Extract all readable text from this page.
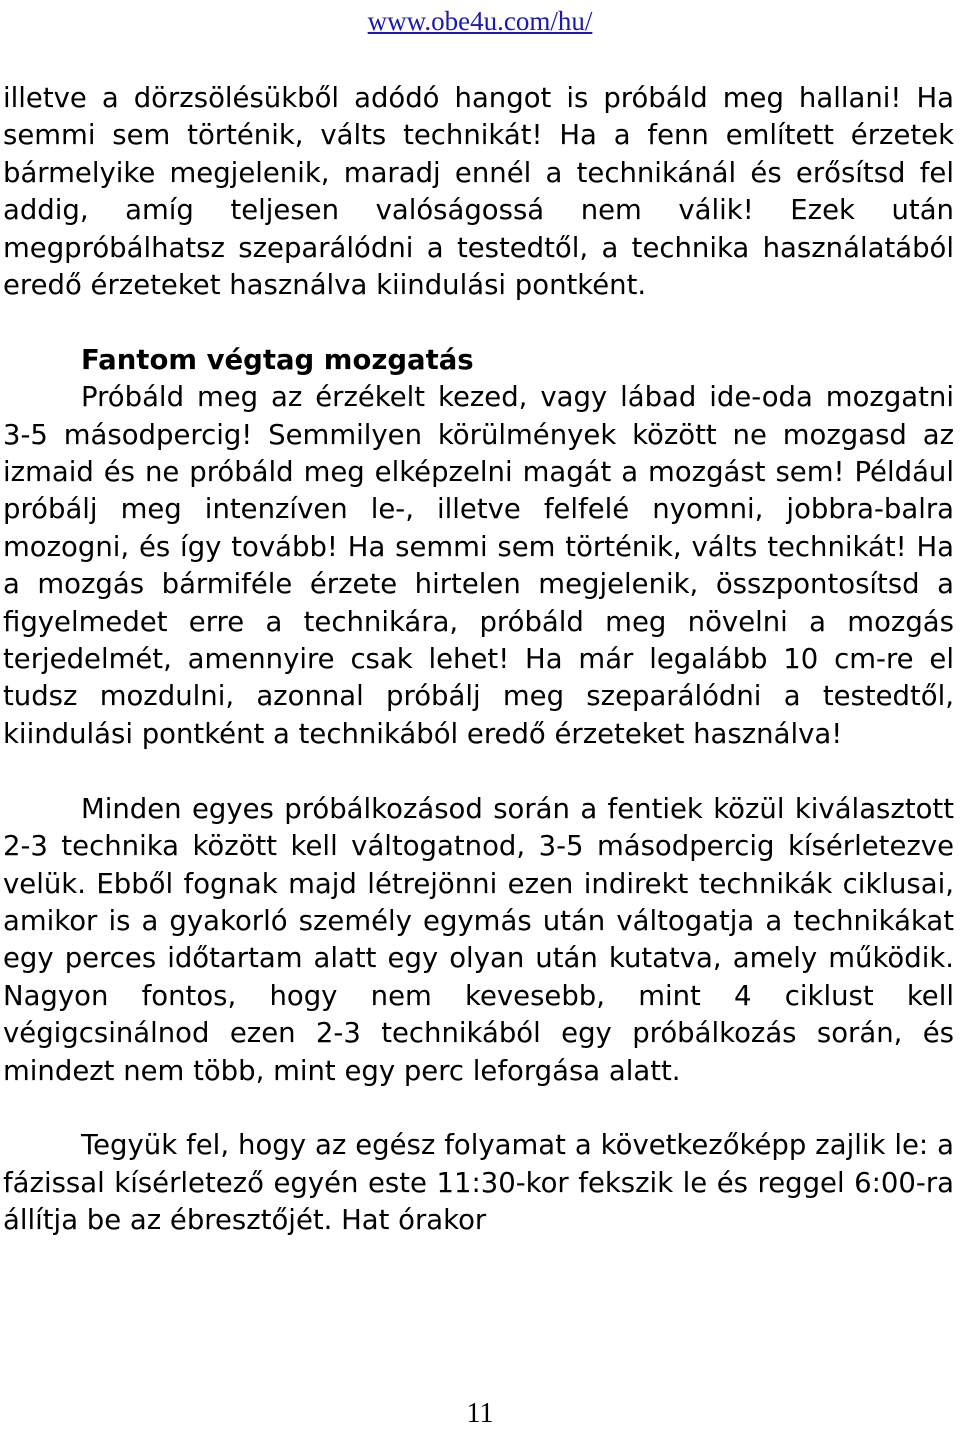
www.obe4u.com/hu/

illetve a dörzsölésükből adódó hangot is próbáld meg hallani! Ha semmi sem történik, válts technikát! Ha a fenn említett érzetek bármelyike megjelenik, maradj ennél a technikánál és erősítsd fel addig, amíg teljesen valóságossá nem válik! Ezek után megpróbálhatsz szeparálódni a testedtől, a technika használatából eredő érzeteket használva kiindulási pontként.

Fantom végtag mozgatás

Próbáld meg az érzékelt kezed, vagy lábad ide-oda mozgatni 3-5 másodpercig! Semmilyen körülmények között ne mozgasd az izmaid és ne próbáld meg elképzelni magát a mozgást sem! Például próbálj meg intenzíven le-, illetve felfelé nyomni, jobbra-balra mozogni, és így tovább! Ha semmi sem történik, válts technikát! Ha a mozgás bármiféle érzete hirtelen megjelenik, összpontosítsd a figyelmedet erre a technikára, próbáld meg növelni a mozgás terjedelmét, amennyire csak lehet! Ha már legalább 10 cm-re el tudsz mozdulni, azonnal próbálj meg szeparálódni a testedtől, kiindulási pontként a technikából eredő érzeteket használva!

Minden egyes próbálkozásod során a fentiek közül kiválasztott 2-3 technika között kell váltogatnod, 3-5 másodpercig kísérletezve velük. Ebből fognak majd létrejönni ezen indirekt technikák ciklusai, amikor is a gyakorló személy egymás után váltogatja a technikákat egy perces időtartam alatt egy olyan után kutatva, amely működik. Nagyon fontos, hogy nem kevesebb, mint 4 ciklust kell végigcsinálnod ezen 2-3 technikából egy próbálkozás során, és mindezt nem több, mint egy perc leforgása alatt.

Tegyük fel, hogy az egész folyamat a következőképp zajlik le: a fázissal kísérletező egyén este 11:30-kor fekszik le és reggel 6:00-ra állítja be az ébresztőjét. Hat órakor

11
